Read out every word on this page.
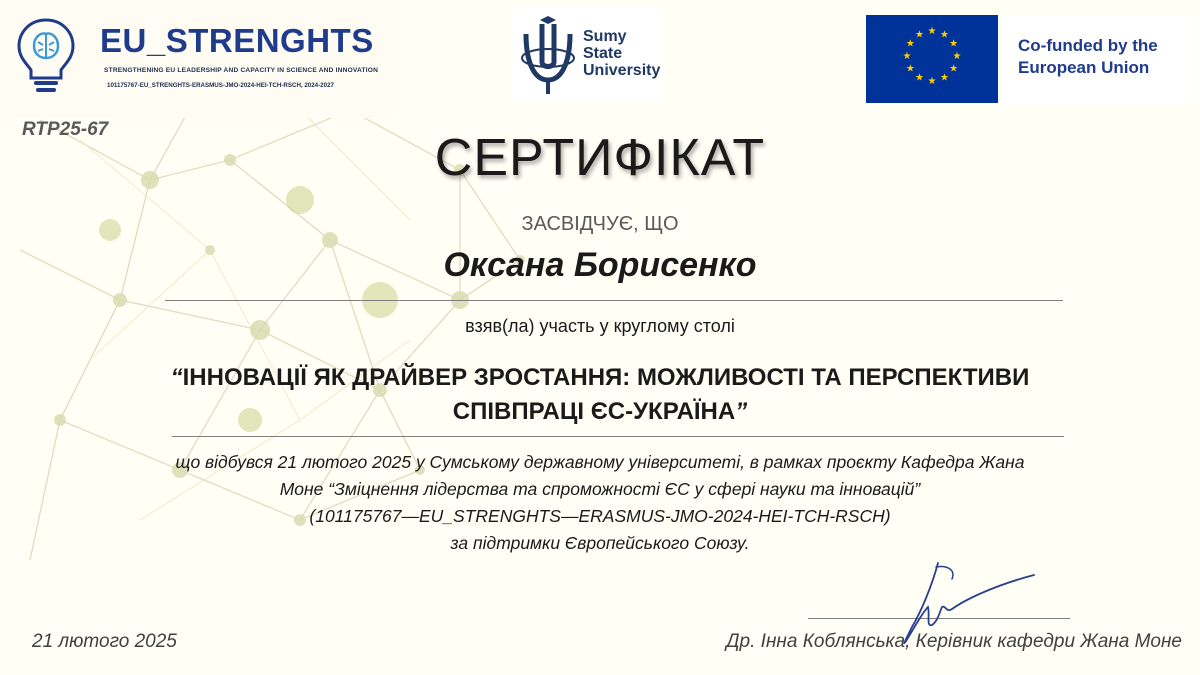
EU_STRENGHTS
STRENGTHENING EU LEADERSHIP AND CAPACITY IN SCIENCE AND INNOVATION
101175767-EU_STRENGHTS-ERASMUS-JMO-2024-HEI-TCH-RSCH, 2024-2027
RTP25-67
Sumy
State
University
★ ★
★
★
★
★
★
★
★
★
★
★
Co-funded by the
European Union
СЕРТИФІКАТ
ЗАСВІДЧУЄ, ЩО
Оксана Борисенко
взяв(ла) участь у круглому столі
“ІННОВАЦІЇ ЯК ДРАЙВЕР ЗРОСТАННЯ: МОЖЛИВОСТІ ТА ПЕРСПЕКТИВИ
СПІВПРАЦІ ЄС-УКРАЇНА”
що відбувся 21 лютого 2025 у Сумському державному університеті, в рамках проєкту Кафедра Жана
Моне “Зміцнення лідерства та спроможності ЄС у сфері науки та інновацій”
(101175767—EU_STRENGHTS—ERASMUS-JMO-2024-HEI-TCH-RSCH)
за підтримки Європейського Союзу.
21 лютого 2025	Др. Інна Коблянська, Керівник кафедри Жана Моне
